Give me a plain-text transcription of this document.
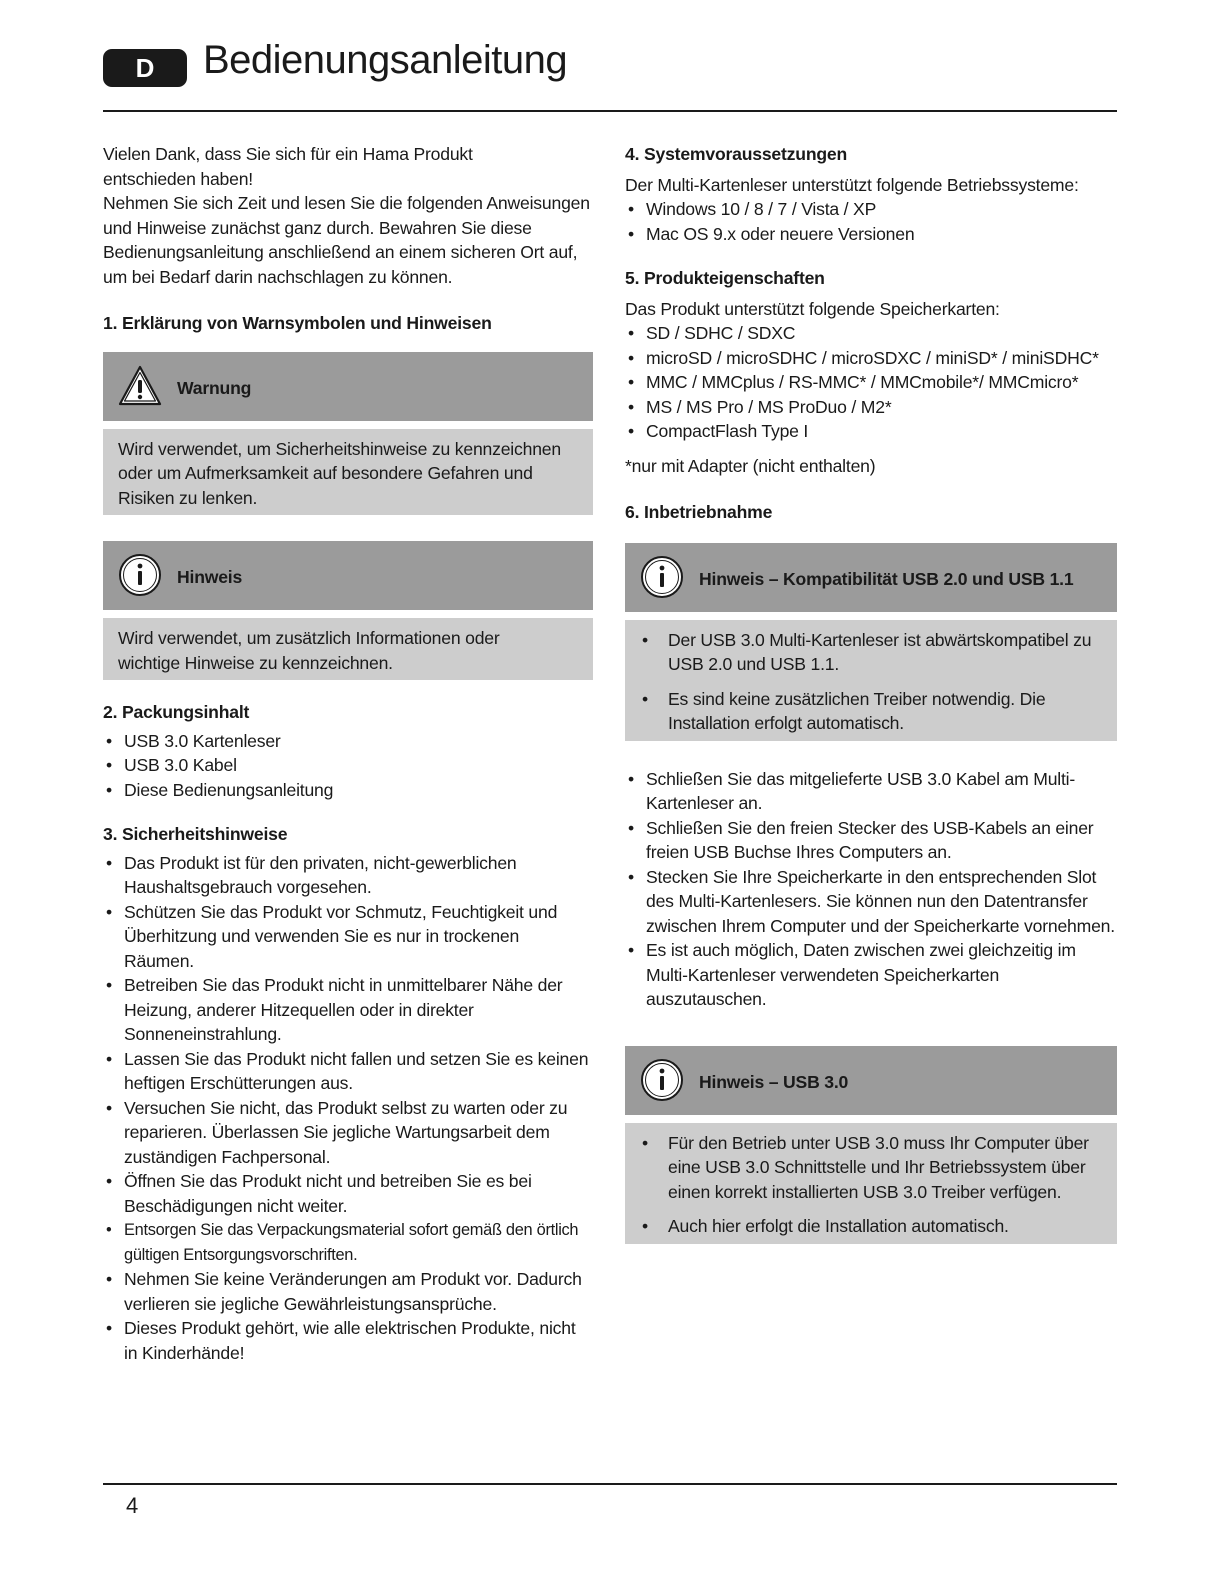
D	Bedienungsanleitung

Vielen Dank, dass Sie sich für ein Hama Produkt entschieden haben!

Nehmen Sie sich Zeit und lesen Sie die folgenden Anweisungen und Hinweise zunächst ganz durch. Bewahren Sie diese Bedienungsanleitung anschließend an einem sicheren Ort auf, um bei Bedarf darin nachschlagen zu können.

1. Erklärung von Warnsymbolen und Hinweisen

Warnung

Wird verwendet, um Sicherheitshinweise zu kennzeichnen oder um Aufmerksamkeit auf besondere Gefahren und Risiken zu lenken.

Hinweis

Wird verwendet, um zusätzlich Informationen oder wichtige Hinweise zu kennzeichnen.

2. Packungsinhalt

• USB 3.0 Kartenleser
• USB 3.0 Kabel
• Diese Bedienungsanleitung

3. Sicherheitshinweise

• Das Produkt ist für den privaten, nicht-gewerblichen Haushaltsgebrauch vorgesehen.
• Schützen Sie das Produkt vor Schmutz, Feuchtigkeit und Überhitzung und verwenden Sie es nur in trockenen Räumen.
• Betreiben Sie das Produkt nicht in unmittelbarer Nähe der Heizung, anderer Hitzequellen oder in direkter Sonneneinstrahlung.
• Lassen Sie das Produkt nicht fallen und setzen Sie es keinen heftigen Erschütterungen aus.
• Versuchen Sie nicht, das Produkt selbst zu warten oder zu reparieren. Überlassen Sie jegliche Wartungsarbeit dem zuständigen Fachpersonal.
• Öffnen Sie das Produkt nicht und betreiben Sie es bei Beschädigungen nicht weiter.
• Entsorgen Sie das Verpackungsmaterial sofort gemäß den örtlich gültigen Entsorgungsvorschriften.
• Nehmen Sie keine Veränderungen am Produkt vor. Dadurch verlieren sie jegliche Gewährleistungsansprüche.
• Dieses Produkt gehört, wie alle elektrischen Produkte, nicht in Kinderhände!

4. Systemvoraussetzungen

Der Multi-Kartenleser unterstützt folgende Betriebssysteme:

• Windows 10 / 8 / 7 / Vista / XP
• Mac OS 9.x oder neuere Versionen

5. Produkteigenschaften

Das Produkt unterstützt folgende Speicherkarten:

• SD / SDHC / SDXC
• microSD / microSDHC / microSDXC / miniSD* / miniSDHC*
• MMC / MMCplus / RS-MMC* / MMCmobile*/ MMCmicro*
• MS / MS Pro / MS ProDuo / M2*
• CompactFlash Type I

*nur mit Adapter (nicht enthalten)

6. Inbetriebnahme

Hinweis – Kompatibilität USB 2.0 und USB 1.1
• Der USB 3.0 Multi-Kartenleser ist abwärtskompatibel zu USB 2.0 und USB 1.1.
• Es sind keine zusätzlichen Treiber notwendig. Die Installation erfolgt automatisch.
• Schließen Sie das mitgelieferte USB 3.0 Kabel am Multi-Kartenleser an.
• Schließen Sie den freien Stecker des USB-Kabels an einer freien USB Buchse Ihres Computers an.
• Stecken Sie Ihre Speicherkarte in den entsprechenden Slot des Multi-Kartenlesers. Sie können nun den Datentransfer zwischen Ihrem Computer und der Speicherkarte vornehmen.
• Es ist auch möglich, Daten zwischen zwei gleichzeitig im Multi-Kartenleser verwendeten Speicherkarten auszutauschen.
Hinweis – USB 3.0
• Für den Betrieb unter USB 3.0 muss Ihr Computer über eine USB 3.0 Schnittstelle und Ihr Betriebssystem über einen korrekt installierten USB 3.0 Treiber verfügen.
• Auch hier erfolgt die Installation automatisch.
4
